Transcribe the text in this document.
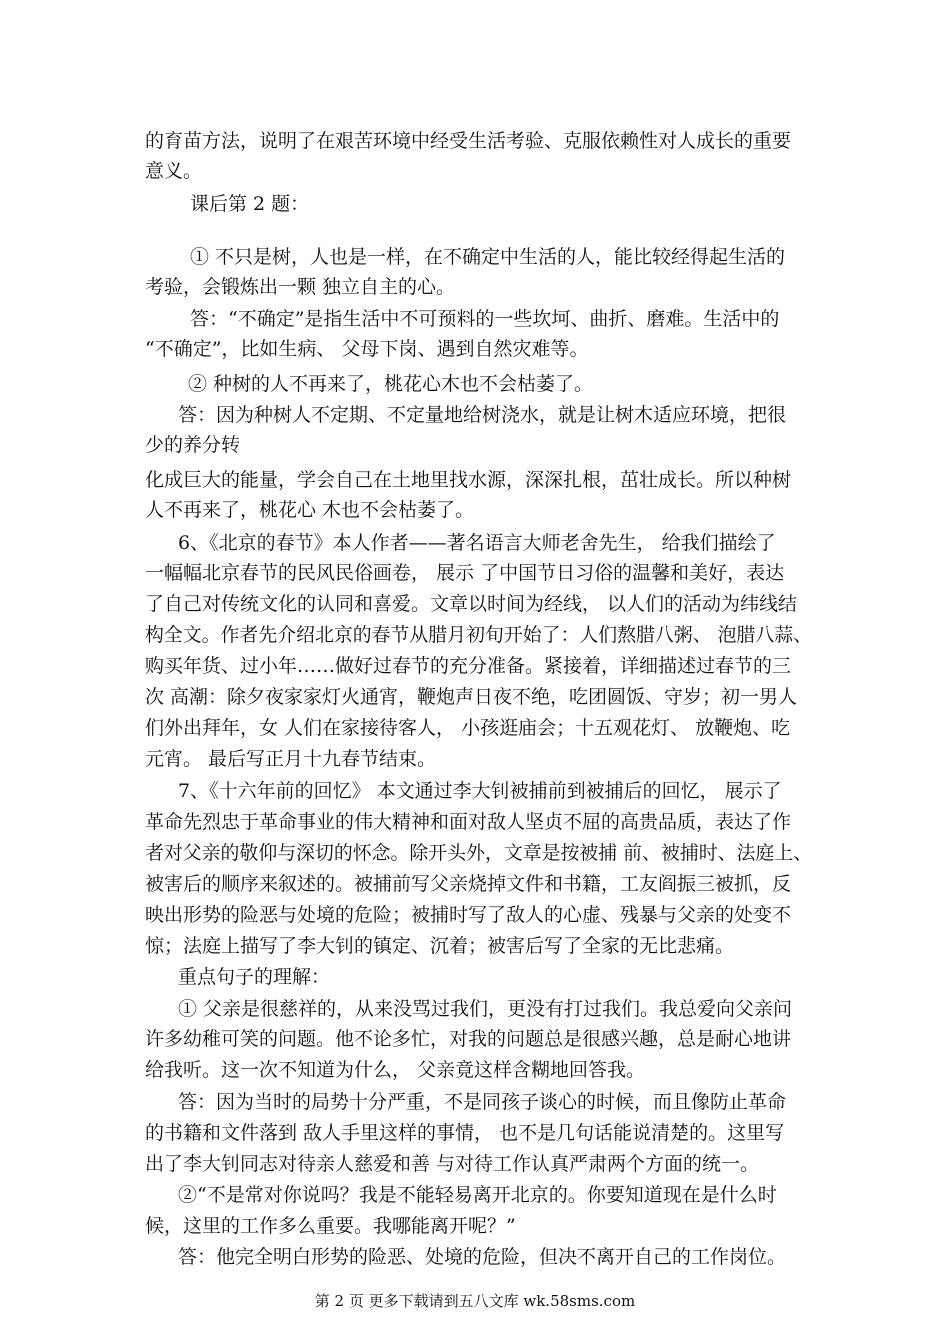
的育苗方法，说明了在艰苦环境中经受生活考验、克服依赖性对人成长的重要
意义。
课后第 2 题：
① 不只是树，人也是一样，在不确定中生活的人，能比较经得起生活的
考验，会锻炼出一颗 独立自主的心。
答：“不确定”是指生活中不可预料的一些坎坷、曲折、磨难。生活中的
“不确定”，比如生病、 父母下岗、遇到自然灾难等。
② 种树的人不再来了，桃花心木也不会枯萎了。
答：因为种树人不定期、不定量地给树浇水，就是让树木适应环境，把很
少的养分转
化成巨大的能量，学会自己在土地里找水源，深深扎根，茁壮成长。所以种树
人不再来了，桃花心 木也不会枯萎了。
6、《北京的春节》本人作者——著名语言大师老舍先生， 给我们描绘了
一幅幅北京春节的民风民俗画卷， 展示 了中国节日习俗的温馨和美好，表达
了自己对传统文化的认同和喜爱。文章以时间为经线， 以人们的活动为纬线结
构全文。作者先介绍北京的春节从腊月初旬开始了：人们熬腊八粥、 泡腊八蒜、
购买年货、过小年……做好过春节的充分准备。紧接着，详细描述过春节的三
次 高潮：除夕夜家家灯火通宵，鞭炮声日夜不绝，吃团圆饭、守岁；初一男人
们外出拜年，女 人们在家接待客人， 小孩逛庙会；十五观花灯、 放鞭炮、吃
元宵。 最后写正月十九春节结束。
7、《十六年前的回忆》 本文通过李大钊被捕前到被捕后的回忆， 展示了
革命先烈忠于革命事业的伟大精神和面对敌人坚贞不屈的高贵品质，表达了作
者对父亲的敬仰与深切的怀念。除开头外，文章是按被捕 前、被捕时、法庭上、
被害后的顺序来叙述的。被捕前写父亲烧掉文件和书籍，工友阎振三被抓，反
映出形势的险恶与处境的危险；被捕时写了敌人的心虚、残暴与父亲的处变不
惊；法庭上描写了李大钊的镇定、沉着；被害后写了全家的无比悲痛。
重点句子的理解：
① 父亲是很慈祥的，从来没骂过我们，更没有打过我们。我总爱向父亲问
许多幼稚可笑的问题。他不论多忙，对我的问题总是很感兴趣，总是耐心地讲
给我听。这一次不知道为什么， 父亲竟这样含糊地回答我。
答：因为当时的局势十分严重，不是同孩子谈心的时候，而且像防止革命
的书籍和文件落到 敌人手里这样的事情， 也不是几句话能说清楚的。这里写
出了李大钊同志对待亲人慈爱和善 与对待工作认真严肃两个方面的统一。
②“不是常对你说吗？我是不能轻易离开北京的。你要知道现在是什么时
候，这里的工作多么重要。我哪能离开呢？”
答：他完全明白形势的险恶、处境的危险，但决不离开自己的工作岗位。
第 2 页 更多下载请到五八文库 wk.58sms.com
